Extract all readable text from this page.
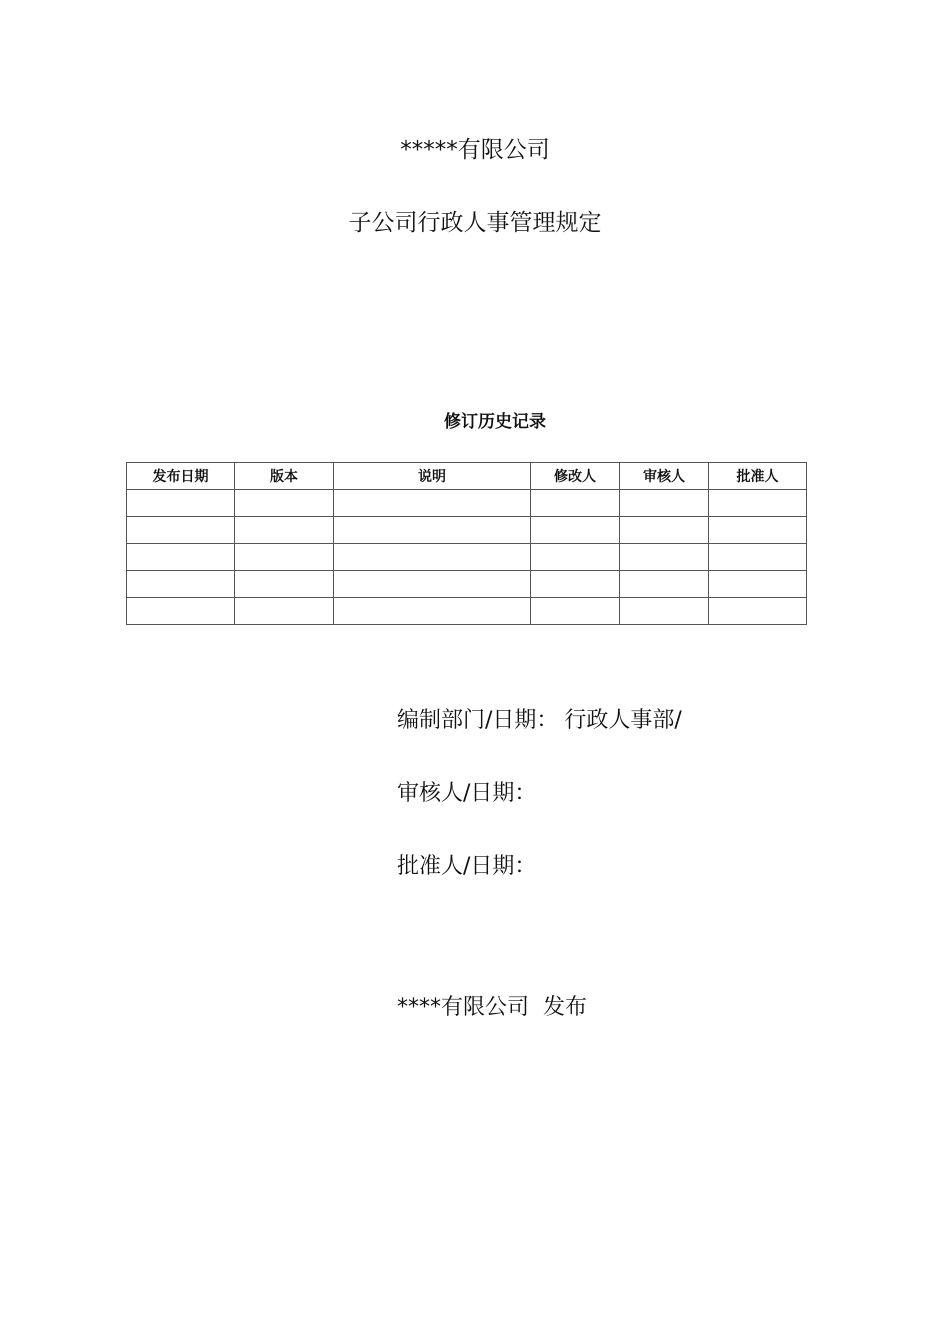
*****有限公司
子公司行政人事管理规定
修订历史记录
发布日期	版本	说明	修改人	审核人	批准人

编制部门/日期： 行政人事部/
审核人/日期：
批准人/日期：
****有限公司 发布
